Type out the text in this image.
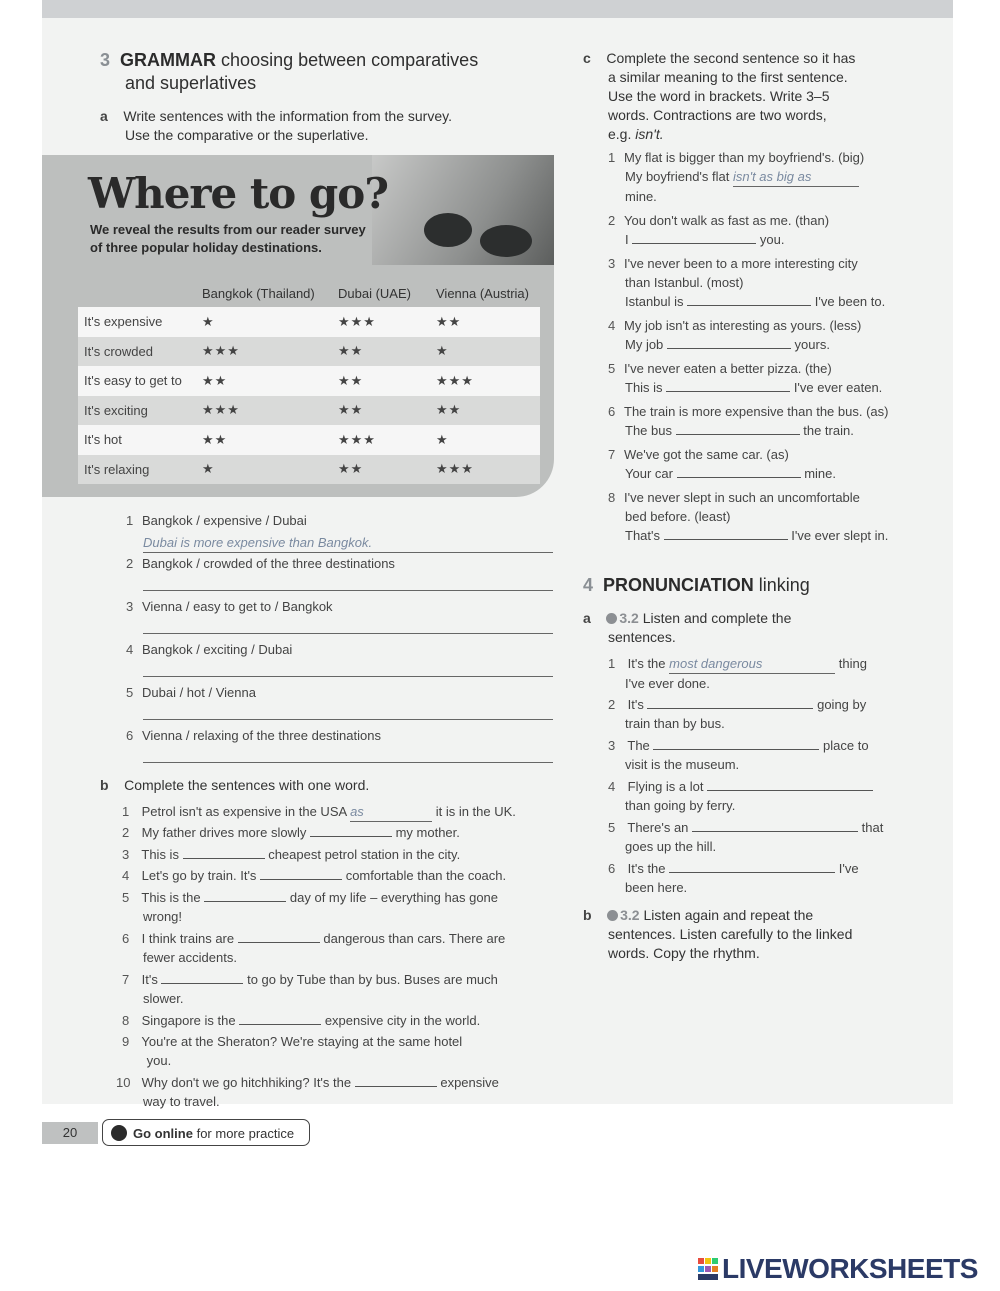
3 GRAMMAR choosing between comparatives
and superlatives
a Write sentences with the information from the survey.
Use the comparative or the superlative.
Where to go?
We reveal the results from our reader survey
of three popular holiday destinations.
	Bangkok (Thailand)	Dubai (UAE)	Vienna (Austria)
It's expensive	★	★★★	★★
It's crowded	★★★	★★	★
It's easy to get to	★★	★★	★★★
It's exciting	★★★	★★	★★
It's hot	★★	★★★	★
It's relaxing	★	★★	★★★
1 Bangkok / expensive / Dubai
Dubai is more expensive than Bangkok.
2 Bangkok / crowded of the three destinations
3 Vienna / easy to get to / Bangkok
4 Bangkok / exciting / Dubai
5 Dubai / hot / Vienna
6 Vienna / relaxing of the three destinations
b Complete the sentences with one word.
1 Petrol isn't as expensive in the USA as	it is in the UK.
2 My father drives more slowly	my mother.
3 This is	cheapest petrol station in the city.
4 Let's go by train. It's	comfortable than the coach.
5 This is the	day of my life – everything has gone
wrong!
6 I think trains are	dangerous than cars. There are
fewer accidents.
7 It's	to go by Tube than by bus. Buses are much
slower.
8 Singapore is the	expensive city in the world.
9 You're at the Sheraton? We're staying at the same hotel
you.
10 Why don't we go hitchhiking? It's the	expensive
way to travel.
c Complete the second sentence so it has
a similar meaning to the first sentence.
Use the word in brackets. Write 3–5
words. Contractions are two words,
e.g. isn't.
1 My flat is bigger than my boyfriend's. (big)
My boyfriend's flat isn't as big as
mine.
2 You don't walk as fast as me. (than)
I	you.
3 I've never been to a more interesting city
than Istanbul. (most)
Istanbul is	I've been to.
4 My job isn't as interesting as yours. (less)
My job	yours.
5 I've never eaten a better pizza. (the)
This is	I've ever eaten.
6 The train is more expensive than the bus. (as)
The bus	the train.
7 We've got the same car. (as)
Your car	mine.
8 I've never slept in such an uncomfortable
bed before. (least)
That's	I've ever slept in.
4 PRONUNCIATION linking
a 3.2 Listen and complete the
sentences.
1 It's the most dangerous	thing
I've ever done.
2 It's	going by
train than by bus.
3 The	place to
visit is the museum.
4 Flying is a lot
than going by ferry.
5 There's an	that
goes up the hill.
6 It's the	I've
been here.
b 3.2 Listen again and repeat the
sentences. Listen carefully to the linked
words. Copy the rhythm.
20	Go online for more practice
LIVEWORKSHEETS
